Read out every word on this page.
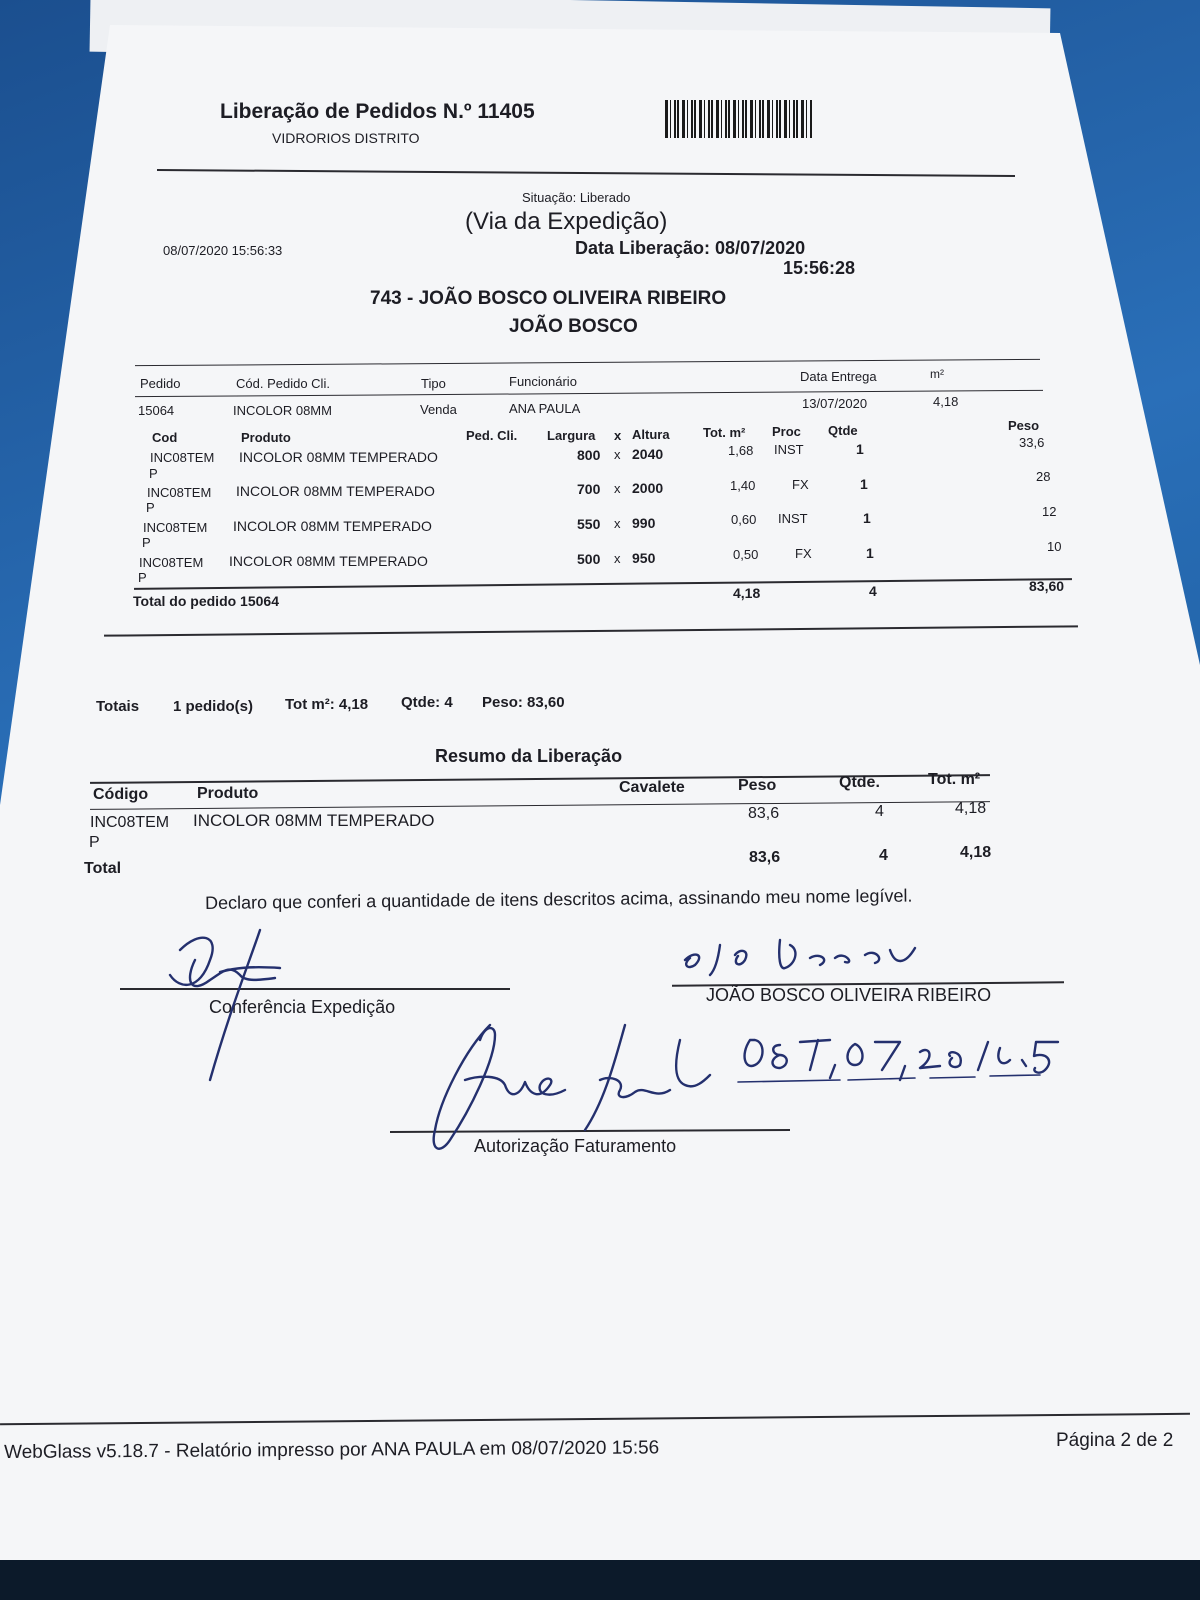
Liberação de Pedidos N.º 11405
VIDRORIOS DISTRITO
Situação: Liberado
(Via da Expedição)
08/07/2020 15:56:33	Data Liberação: 08/07/2020
15:56:28
743 - JOÃO BOSCO OLIVEIRA RIBEIRO
JOÃO BOSCO
Pedido	Cód. Pedido Cli.	Tipo	Funcionário	Data Entrega	m²
15064	INCOLOR 08MM	Venda	ANA PAULA	13/07/2020	4,18
Cod	Produto	Ped. Cli. Largura x Altura	Tot. m² Proc Qtde	Peso
INC08TEM
P
INCOLOR 08MM TEMPERADO	800 x 2040	1,68 INST	1	33,6
INC08TEM
P
INCOLOR 08MM TEMPERADO	700 x 2000	1,40	FX	1	28
INC08TEM
P
INCOLOR 08MM TEMPERADO	550 x 990	0,60 INST	1	12
INC08TEM
P
INCOLOR 08MM TEMPERADO	500 x 950	0,50	FX	1	10
Total do pedido 15064	4,18	4	83,60
Totais 1 pedido(s) Tot m²: 4,18 Qtde: 4 Peso: 83,60
Resumo da Liberação
Código	Produto	Cavalete	Peso	Qtde.	Tot. m²
INC08TEM
P
INCOLOR 08MM TEMPERADO	83,6	4	4,18
Total
83,6	4	4,18
Declaro que conferi a quantidade de itens descritos acima, assinando meu nome legível.
Conferência Expedição
JOÃO BOSCO OLIVEIRA RIBEIRO
Autorização Faturamento
WebGlass v5.18.7 - Relatório impresso por ANA PAULA em 08/07/2020 15:56	Página 2 de 2
